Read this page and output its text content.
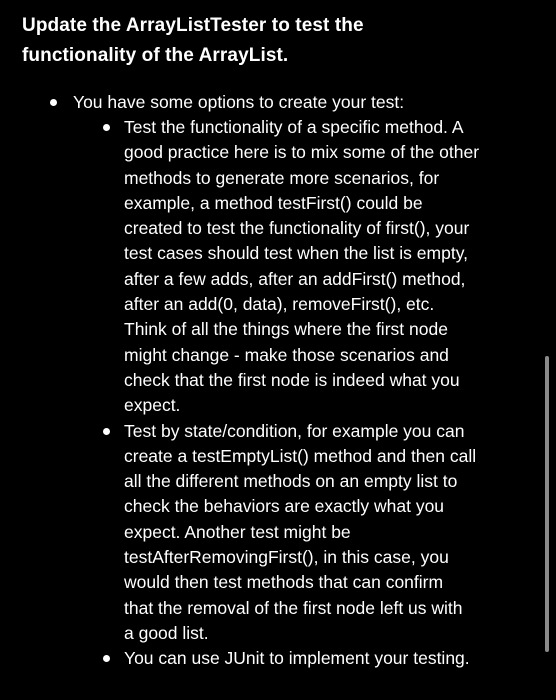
Update the ArrayListTester to test the
functionality of the ArrayList.
You have some options to create your test:
Test the functionality of a specific method. A
good practice here is to mix some of the other
methods to generate more scenarios, for
example, a method testFirst() could be
created to test the functionality of first(), your
test cases should test when the list is empty,
after a few adds, after an addFirst() method,
after an add(0, data), removeFirst(), etc.
Think of all the things where the first node
might change - make those scenarios and
check that the first node is indeed what you
expect.
Test by state/condition, for example you can
create a testEmptyList() method and then call
all the different methods on an empty list to
check the behaviors are exactly what you
expect. Another test might be
testAfterRemovingFirst(), in this case, you
would then test methods that can confirm
that the removal of the first node left us with
a good list.
You can use JUnit to implement your testing.
